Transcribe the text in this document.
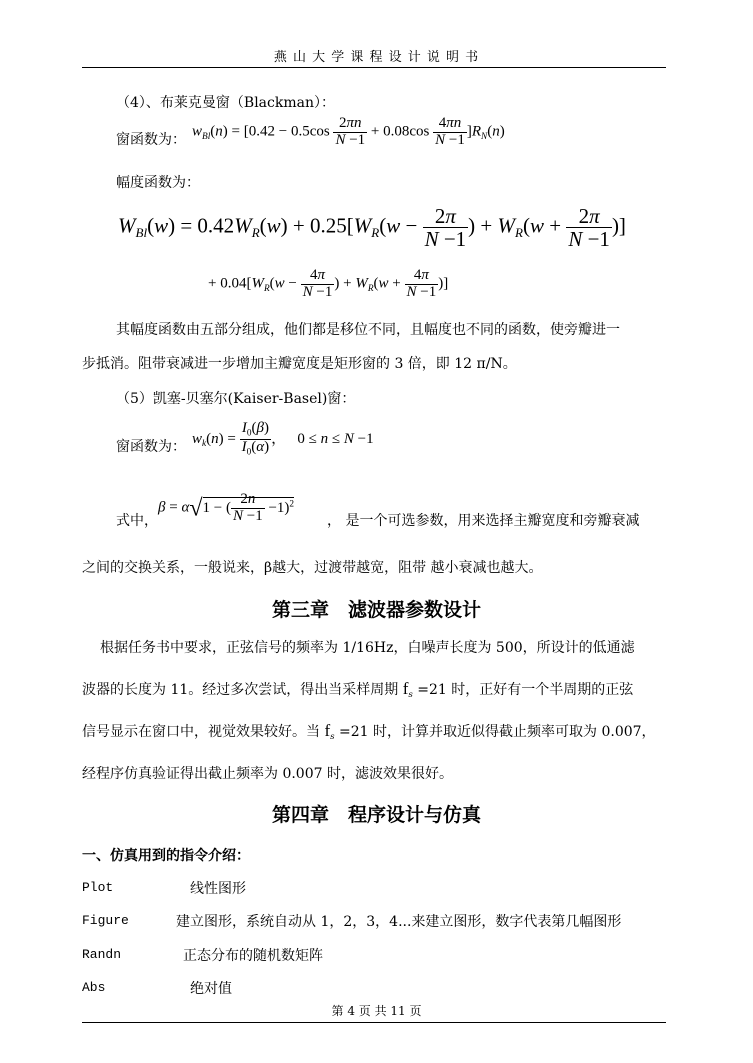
燕 山 大 学 课 程 设 计 说 明 书
（4）、布莱克曼窗（Blackman）：
窗函数为：
$w_{Bl}(n) = [0.42 - 0.5\cos \frac{2\pi n}{N -1} + 0.08\cos \frac{4\pi n}{N -1} ]R_N(n)$
幅度函数为：
$W_{Bl}(w) = 0.42W_R(w) + 0.25[W_R(w - \frac{2\pi}{N -1}$ ) + $W_R(w + \frac{2\pi}{N -1}$ )]
+ $0.04[W_R(w - \frac{4\pi}{N -1}$ ) + $W_R(w + \frac{4\pi}{N -1}$ )]
其幅度函数由五部分组成，他们都是移位不同，且幅度也不同的函数，使旁瓣进一
步抵消。阻带衰减进一步增加主瓣宽度是矩形窗的 3 倍，即 12 π/N。
（5）凯塞-贝塞尔(Kaiser-Basel)窗：
窗函数为：
$w_k(n) = \frac{I_0(\beta)}{I_0(\alpha)}$ ，   0 ≤ n ≤ N −1
式中，
β = α√1 − ( $\frac{2n}{N -1} -1)^2$
， 是一个可选参数，用来选择主瓣宽度和旁瓣衰减
之间的交换关系，一般说来，β越大，过渡带越宽，阻带 越小衰减也越大。
第三章　滤波器参数设计
根据任务书中要求，正弦信号的频率为 1/16Hz，白噪声长度为 500，所设计的低通滤
波器的长度为 11。经过多次尝试，得出当采样周期 $f_s =21$ 时，正好有一个半周期的正弦
信号显示在窗口中，视觉效果较好。当 $f_s =21$ 时，计算并取近似得截止频率可取为 0.007，
经程序仿真验证得出截止频率为 0.007 时，滤波效果很好。
第四章　程序设计与仿真
一、仿真用到的指令介绍：
Plot	线性图形
Figure	建立图形，系统自动从 1，2，3，4...来建立图形，数字代表第几幅图形
Randn	正态分布的随机数矩阵
Abs	绝对值
第 4 页 共 11 页
